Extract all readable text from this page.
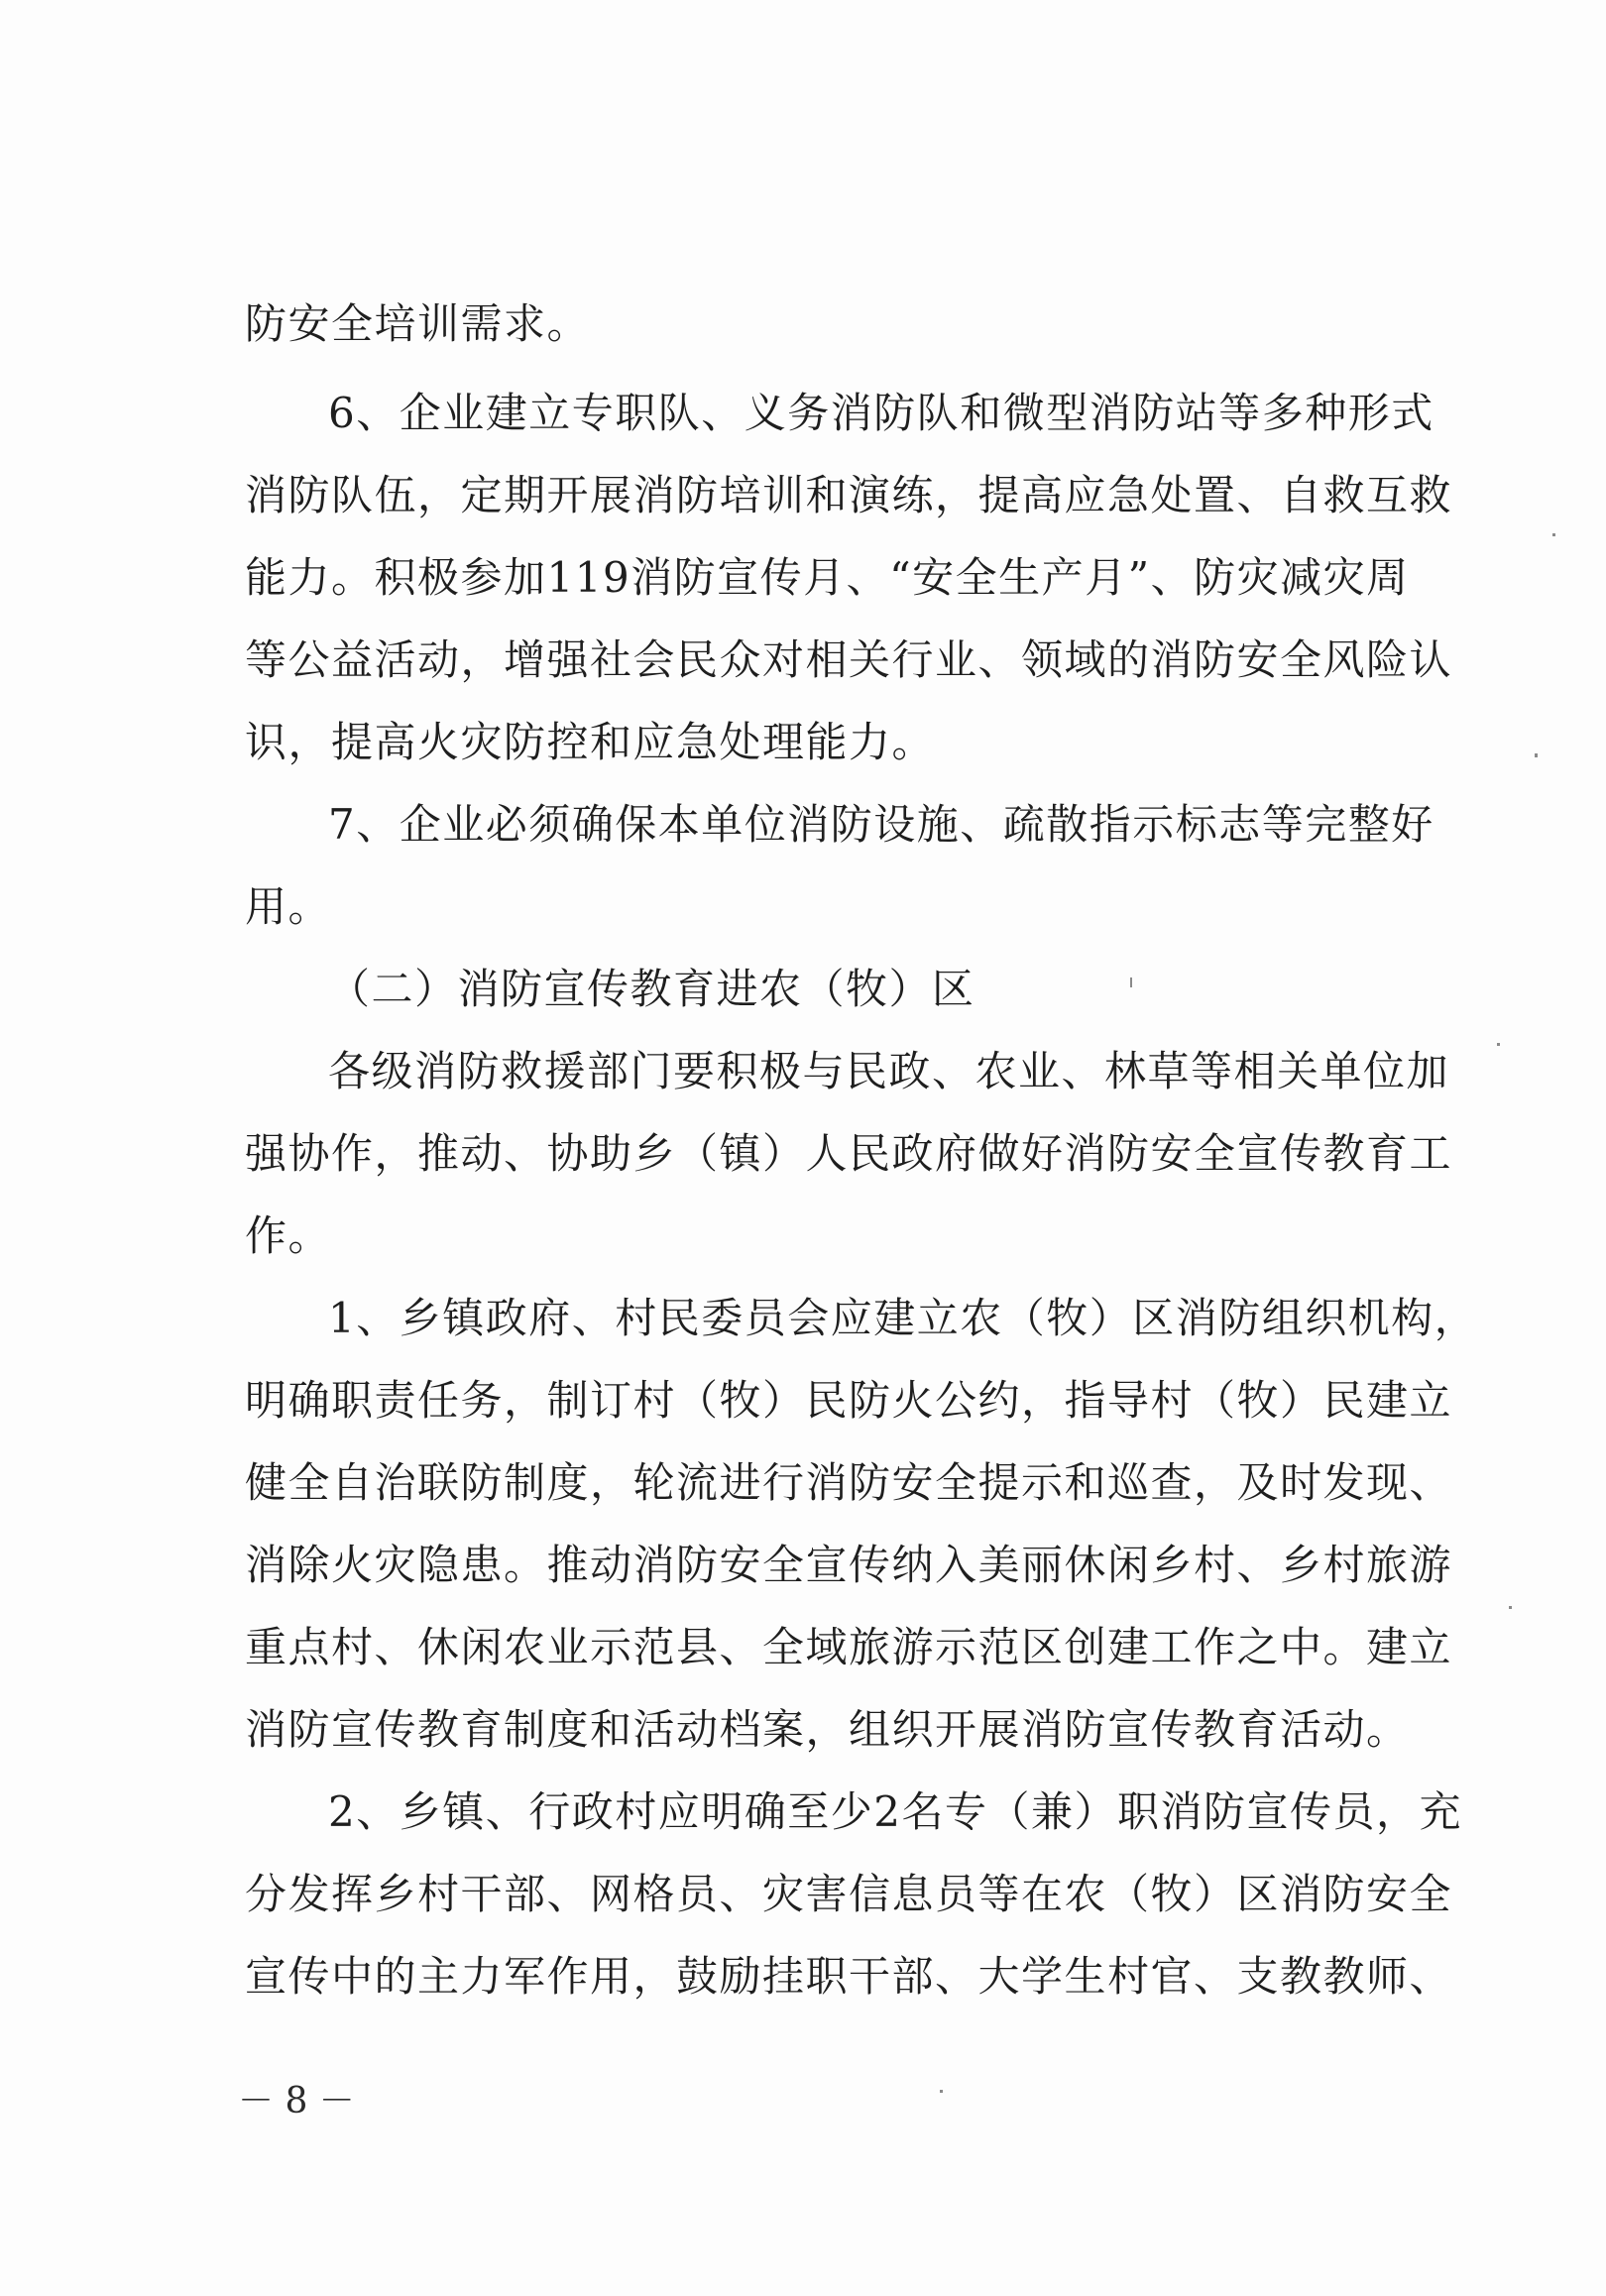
防安全培训需求。

6、企业建立专职队、义务消防队和微型消防站等多种形式

消防队伍，定期开展消防培训和演练，提高应急处置、自救互救

能力。积极参加119消防宣传月、“安全生产月”、防灾减灾周

等公益活动，增强社会民众对相关行业、领域的消防安全风险认

识，提高火灾防控和应急处理能力。

7、企业必须确保本单位消防设施、疏散指示标志等完整好

用。

（二）消防宣传教育进农（牧）区

各级消防救援部门要积极与民政、农业、林草等相关单位加

强协作，推动、协助乡（镇）人民政府做好消防安全宣传教育工

作。

1、乡镇政府、村民委员会应建立农（牧）区消防组织机构，

明确职责任务，制订村（牧）民防火公约，指导村（牧）民建立

健全自治联防制度，轮流进行消防安全提示和巡查，及时发现、

消除火灾隐患。推动消防安全宣传纳入美丽休闲乡村、乡村旅游

重点村、休闲农业示范县、全域旅游示范区创建工作之中。建立

消防宣传教育制度和活动档案，组织开展消防宣传教育活动。

2、乡镇、行政村应明确至少2名专（兼）职消防宣传员，充

分发挥乡村干部、网格员、灾害信息员等在农（牧）区消防安全

宣传中的主力军作用，鼓励挂职干部、大学生村官、支教教师、

－ 8 －
